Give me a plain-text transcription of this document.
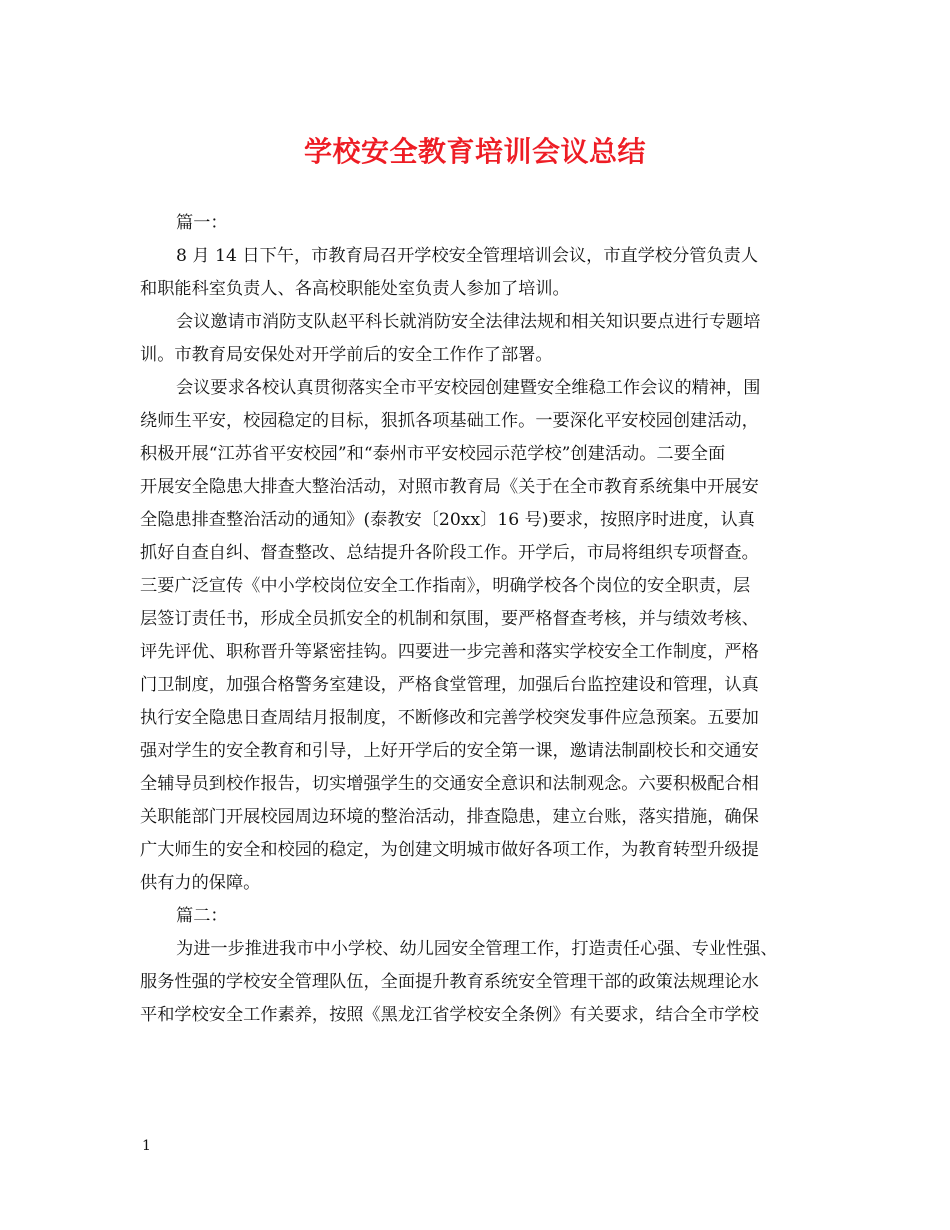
学校安全教育培训会议总结
篇一：
8 月 14 日下午，市教育局召开学校安全管理培训会议，市直学校分管负责人
和职能科室负责人、各高校职能处室负责人参加了培训。
会议邀请市消防支队赵平科长就消防安全法律法规和相关知识要点进行专题培
训。市教育局安保处对开学前后的安全工作作了部署。
会议要求各校认真贯彻落实全市平安校园创建暨安全维稳工作会议的精神，围
绕师生平安，校园稳定的目标，狠抓各项基础工作。一要深化平安校园创建活动，
积极开展“江苏省平安校园”和“泰州市平安校园示范学校”创建活动。二要全面
开展安全隐患大排查大整治活动，对照市教育局《关于在全市教育系统集中开展安
全隐患排查整治活动的通知》(泰教安〔20xx〕16 号)要求，按照序时进度，认真
抓好自查自纠、督查整改、总结提升各阶段工作。开学后，市局将组织专项督查。
三要广泛宣传《中小学校岗位安全工作指南》，明确学校各个岗位的安全职责，层
层签订责任书，形成全员抓安全的机制和氛围，要严格督查考核，并与绩效考核、
评先评优、职称晋升等紧密挂钩。四要进一步完善和落实学校安全工作制度，严格
门卫制度，加强合格警务室建设，严格食堂管理，加强后台监控建设和管理，认真
执行安全隐患日查周结月报制度，不断修改和完善学校突发事件应急预案。五要加
强对学生的安全教育和引导，上好开学后的安全第一课，邀请法制副校长和交通安
全辅导员到校作报告，切实增强学生的交通安全意识和法制观念。六要积极配合相
关职能部门开展校园周边环境的整治活动，排查隐患，建立台账，落实措施，确保
广大师生的安全和校园的稳定，为创建文明城市做好各项工作，为教育转型升级提
供有力的保障。
篇二：
为进一步推进我市中小学校、幼儿园安全管理工作，打造责任心强、专业性强、
服务性强的学校安全管理队伍，全面提升教育系统安全管理干部的政策法规理论水
平和学校安全工作素养，按照《黑龙江省学校安全条例》有关要求，结合全市学校
1
